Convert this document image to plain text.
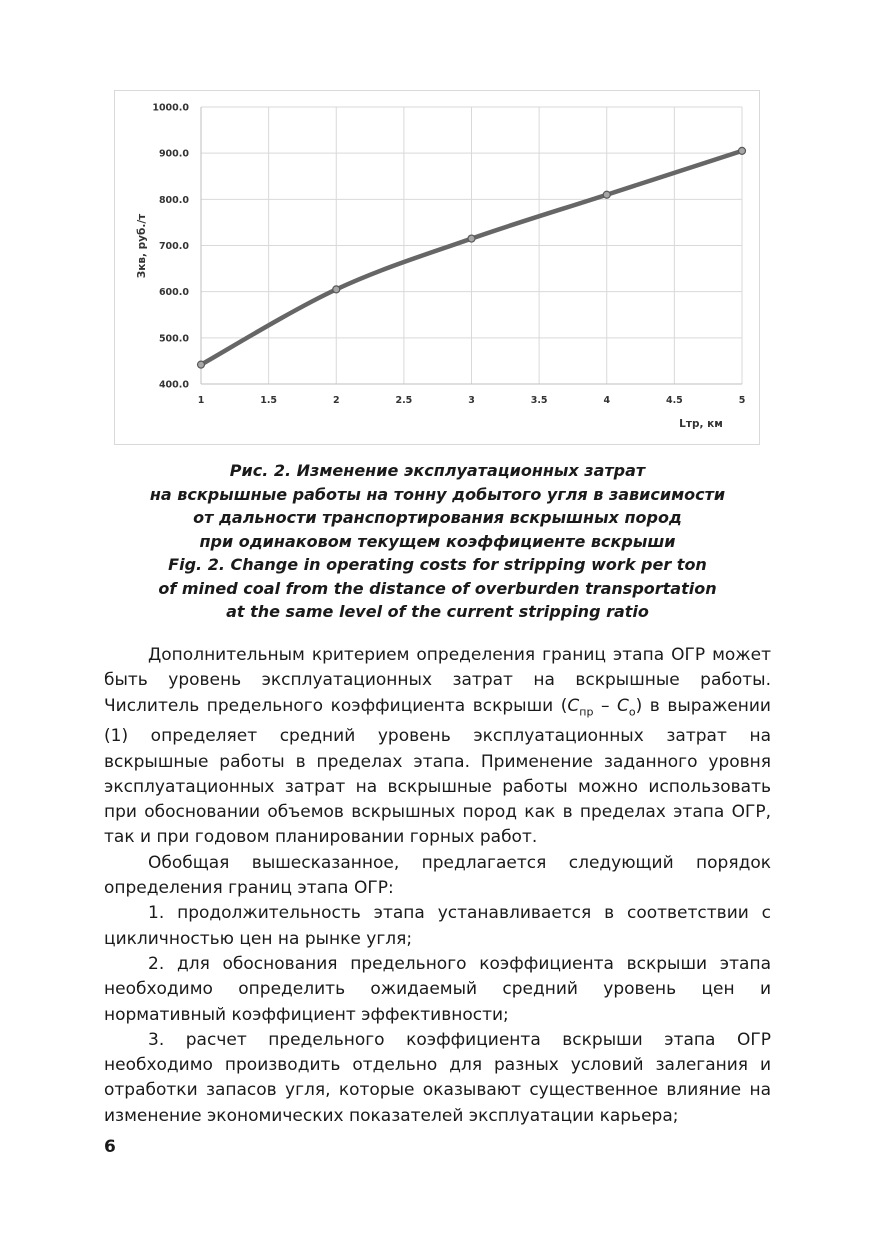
400.0
500.0
600.0
700.0
800.0
900.0
1000.0
1	1.5	2	2.5	3	3.5	4	4.5	5
Lтр, км
Зкв, руб./т
Рис. 2. Изменение эксплуатационных затрат
на вскрышные работы на тонну добытого угля в зависимости
от дальности транспортирования вскрышных пород
при одинаковом текущем коэффициенте вскрыши
Fig. 2. Change in operating costs for stripping work per ton
of mined coal from the distance of overburden transportation
at the same level of the current stripping ratio

Дополнительным критерием определения границ этапа ОГР может быть уровень эксплуатационных затрат на вскрышные работы. Числитель предельного коэффициента вскрыши $(C_{пр} - C_о)$ в выражении (1) определяет средний уровень эксплуатационных затрат на вскрышные работы в пределах этапа. Применение заданного уровня эксплуатационных затрат на вскрышные работы можно использовать при обосновании объемов вскрышных пород как в пределах этапа ОГР, так и при годовом планировании горных работ.

Обобщая вышесказанное, предлагается следующий порядок определения границ этапа ОГР:

1. продолжительность этапа устанавливается в соответствии с цикличностью цен на рынке угля;

2. для обоснования предельного коэффициента вскрыши этапа необходимо определить ожидаемый средний уровень цен и нормативный коэффициент эффективности;

3. расчет предельного коэффициента вскрыши этапа ОГР необходимо производить отдельно для разных условий залегания и отработки запасов угля, которые оказывают существенное влияние на изменение экономических показателей эксплуатации карьера;

6
